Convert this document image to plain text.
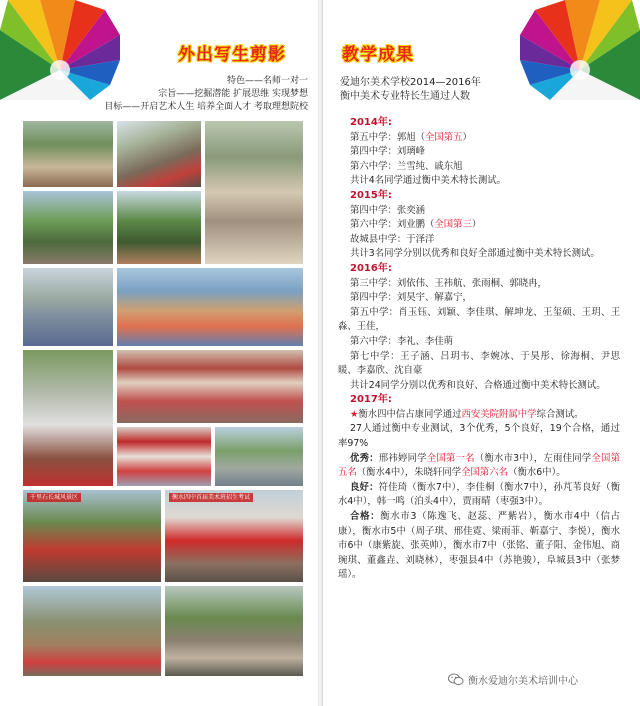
外出写生剪影
特色——名师一对一
宗旨——挖掘潜能 扩展思维 实现梦想
目标——开启艺术人生 培养全面人才 考取理想院校
千里石长城风景区	衡水四中首届美术班招生考试
教学成果
爱迪尔美术学校2014—2016年
衡中美术专业特长生通过人数
2014年:
第五中学：郭旭（全国第五）
第四中学：刘璃峰
第六中学：兰雪纯、戚东旭
共计4名同学通过衡中美术特长测试。
2015年:
第四中学：张奕涵
第六中学：刘业鹏（全国第三）
故城县中学：于泽洋
共计3名同学分别以优秀和良好全部通过衡中美术特长测试。
2016年:
第三中学：刘依伟、王祎航、张雨桐、郭晓冉，
第四中学：刘昊宇、解嘉宁，
第五中学：肖玉钰、刘颖、李佳琪、解坤龙、王玺硕、王玥、王淼、王佳，
第六中学：李礼、李佳萌
第七中学：王子涵、吕玥韦、李婉冰、于昊彤、徐海桐、尹思暖、李嘉欣、沈自豪
共计24同学分别以优秀和良好、合格通过衡中美术特长测试。
2017年:
★衡水四中信占康同学通过西安美院附属中学综合测试。
27人通过衡中专业测试，3个优秀，5个良好，19个合格，通过率97%
优秀：邢祎婷同学全国第一名（衡水市3中），左雨佳同学全国第五名（衡水4中），朱晓轩同学全国第六名（衡水6中）。
良好：符佳琦（衡水7中），李佳桐（衡水7中），孙芃苇良好（衡水4中），韩一鸣（泊头4中），贾雨晴（枣强3中）。
合格：衡水市3（陈逸飞、赵蕊、严紫岩），衡水市4中（信占康），衡水市5中（周子琪、邢佳霓、梁雨菲、靳嘉宁、李悦），衡水市6中（康紫旋、张英帅），衡水市7中（张铭、董子阳、金伟旭、商琬琪、董鑫垚、刘晓林），枣强县4中（苏艳骏），阜城县3中（张梦瑶）。
衡水爱迪尔美术培训中心
